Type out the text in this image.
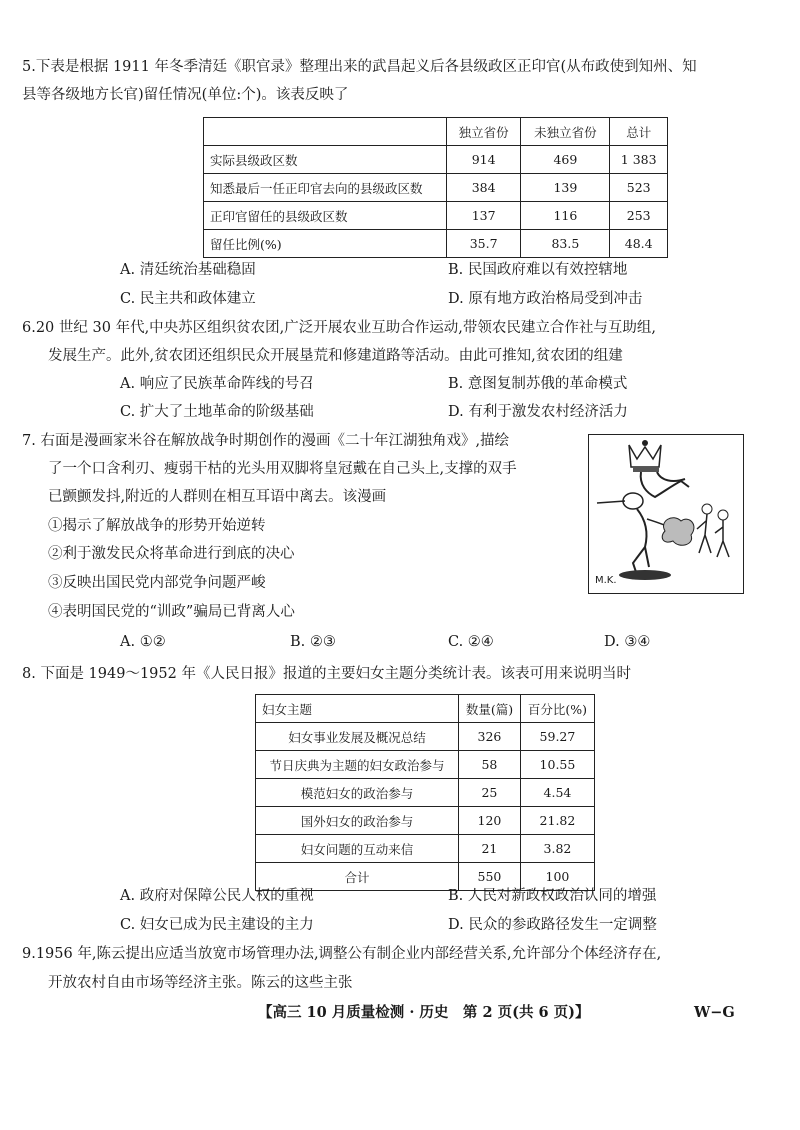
5.下表是根据 1911 年冬季清廷《职官录》整理出来的武昌起义后各县级政区正印官(从布政使到知州、知
县等各级地方长官)留任情况(单位:个)。该表反映了
	独立省份	未独立省份	总计
实际县级政区数	914	469	1 383
知悉最后一任正印官去向的县级政区数	384	139	523
正印官留任的县级政区数	137	116	253
留任比例(%)	35.7	83.5	48.4
A. 清廷统治基础稳固	B. 民国政府难以有效控辖地
C. 民主共和政体建立	D. 原有地方政治格局受到冲击
6.20 世纪 30 年代,中央苏区组织贫农团,广泛开展农业互助合作运动,带领农民建立合作社与互助组,
发展生产。此外,贫农团还组织民众开展垦荒和修建道路等活动。由此可推知,贫农团的组建
A. 响应了民族革命阵线的号召	B. 意图复制苏俄的革命模式
C. 扩大了土地革命的阶级基础	D. 有利于激发农村经济活力
7. 右面是漫画家米谷在解放战争时期创作的漫画《二十年江湖独角戏》,描绘
了一个口含利刃、瘦弱干枯的光头用双脚将皇冠戴在自己头上,支撑的双手
已颤颤发抖,附近的人群则在相互耳语中离去。该漫画
①揭示了解放战争的形势开始逆转
②利于激发民众将革命进行到底的决心
③反映出国民党内部党争问题严峻
④表明国民党的“训政”骗局已背离人心
A. ①②	B. ②③	C. ②④	D. ③④
M.K.
8. 下面是 1949～1952 年《人民日报》报道的主要妇女主题分类统计表。该表可用来说明当时
妇女主题	数量(篇)	百分比(%)
妇女事业发展及概况总结	326	59.27
节日庆典为主题的妇女政治参与	58	10.55
模范妇女的政治参与	25	4.54
国外妇女的政治参与	120	21.82
妇女问题的互动来信	21	3.82
合计	550	100
A. 政府对保障公民人权的重视	B. 人民对新政权政治认同的增强
C. 妇女已成为民主建设的主力	D. 民众的参政路径发生一定调整
9.1956 年,陈云提出应适当放宽市场管理办法,调整公有制企业内部经营关系,允许部分个体经济存在,
开放农村自由市场等经济主张。陈云的这些主张
【高三 10 月质量检测 · 历史　第 2 页(共 6 页)】	W−G
